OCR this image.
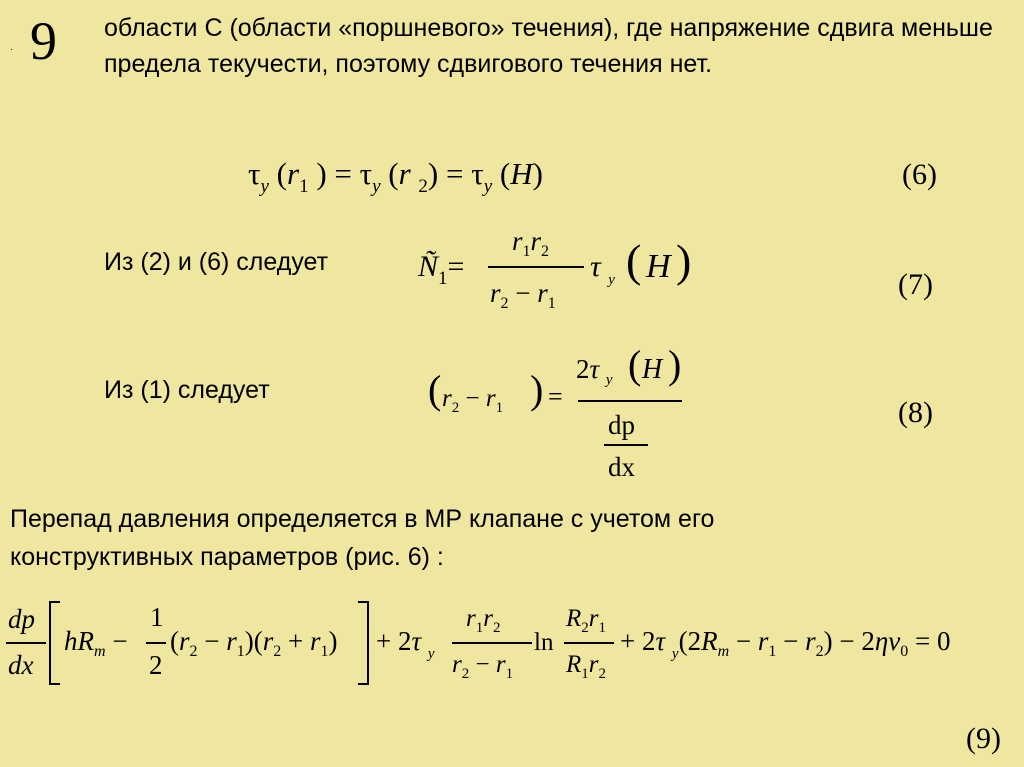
9
·
области С (области «поршневого» течения), где напряжение сдвига меньше предела текучести, поэтому сдвигового течения нет.
$\tau_y$ ($r_1$ ) = $\tau_y$ (r $_2) = \tau_y$ (H)	(6)
Из (2) и (6) следует	$Ñ_1=$
$r_1r_2$
$r_2 - r_1$
τ $_y$ ( H )	(7)
Из (1) следует	( $r_2 - r_1$ ) =
2τ $_y$ ( H )
dp
dx
(8)
Перепад давления определяется в МР клапане с учетом его
конструктивных параметров (рис. 6) :
dp
dx
$hR_m$ −
1
2
$(r_2 - r_1)(r_2 + r_1) + 2\tau$ $_y$
$r_1r_2$
$r_2 - r_1$
ln
$R_2r_1$
$R_1r_2$
+ 2τ $_y(2R_m - r_1 - r_2) - 2\eta\nu_0 = 0$
(9)
